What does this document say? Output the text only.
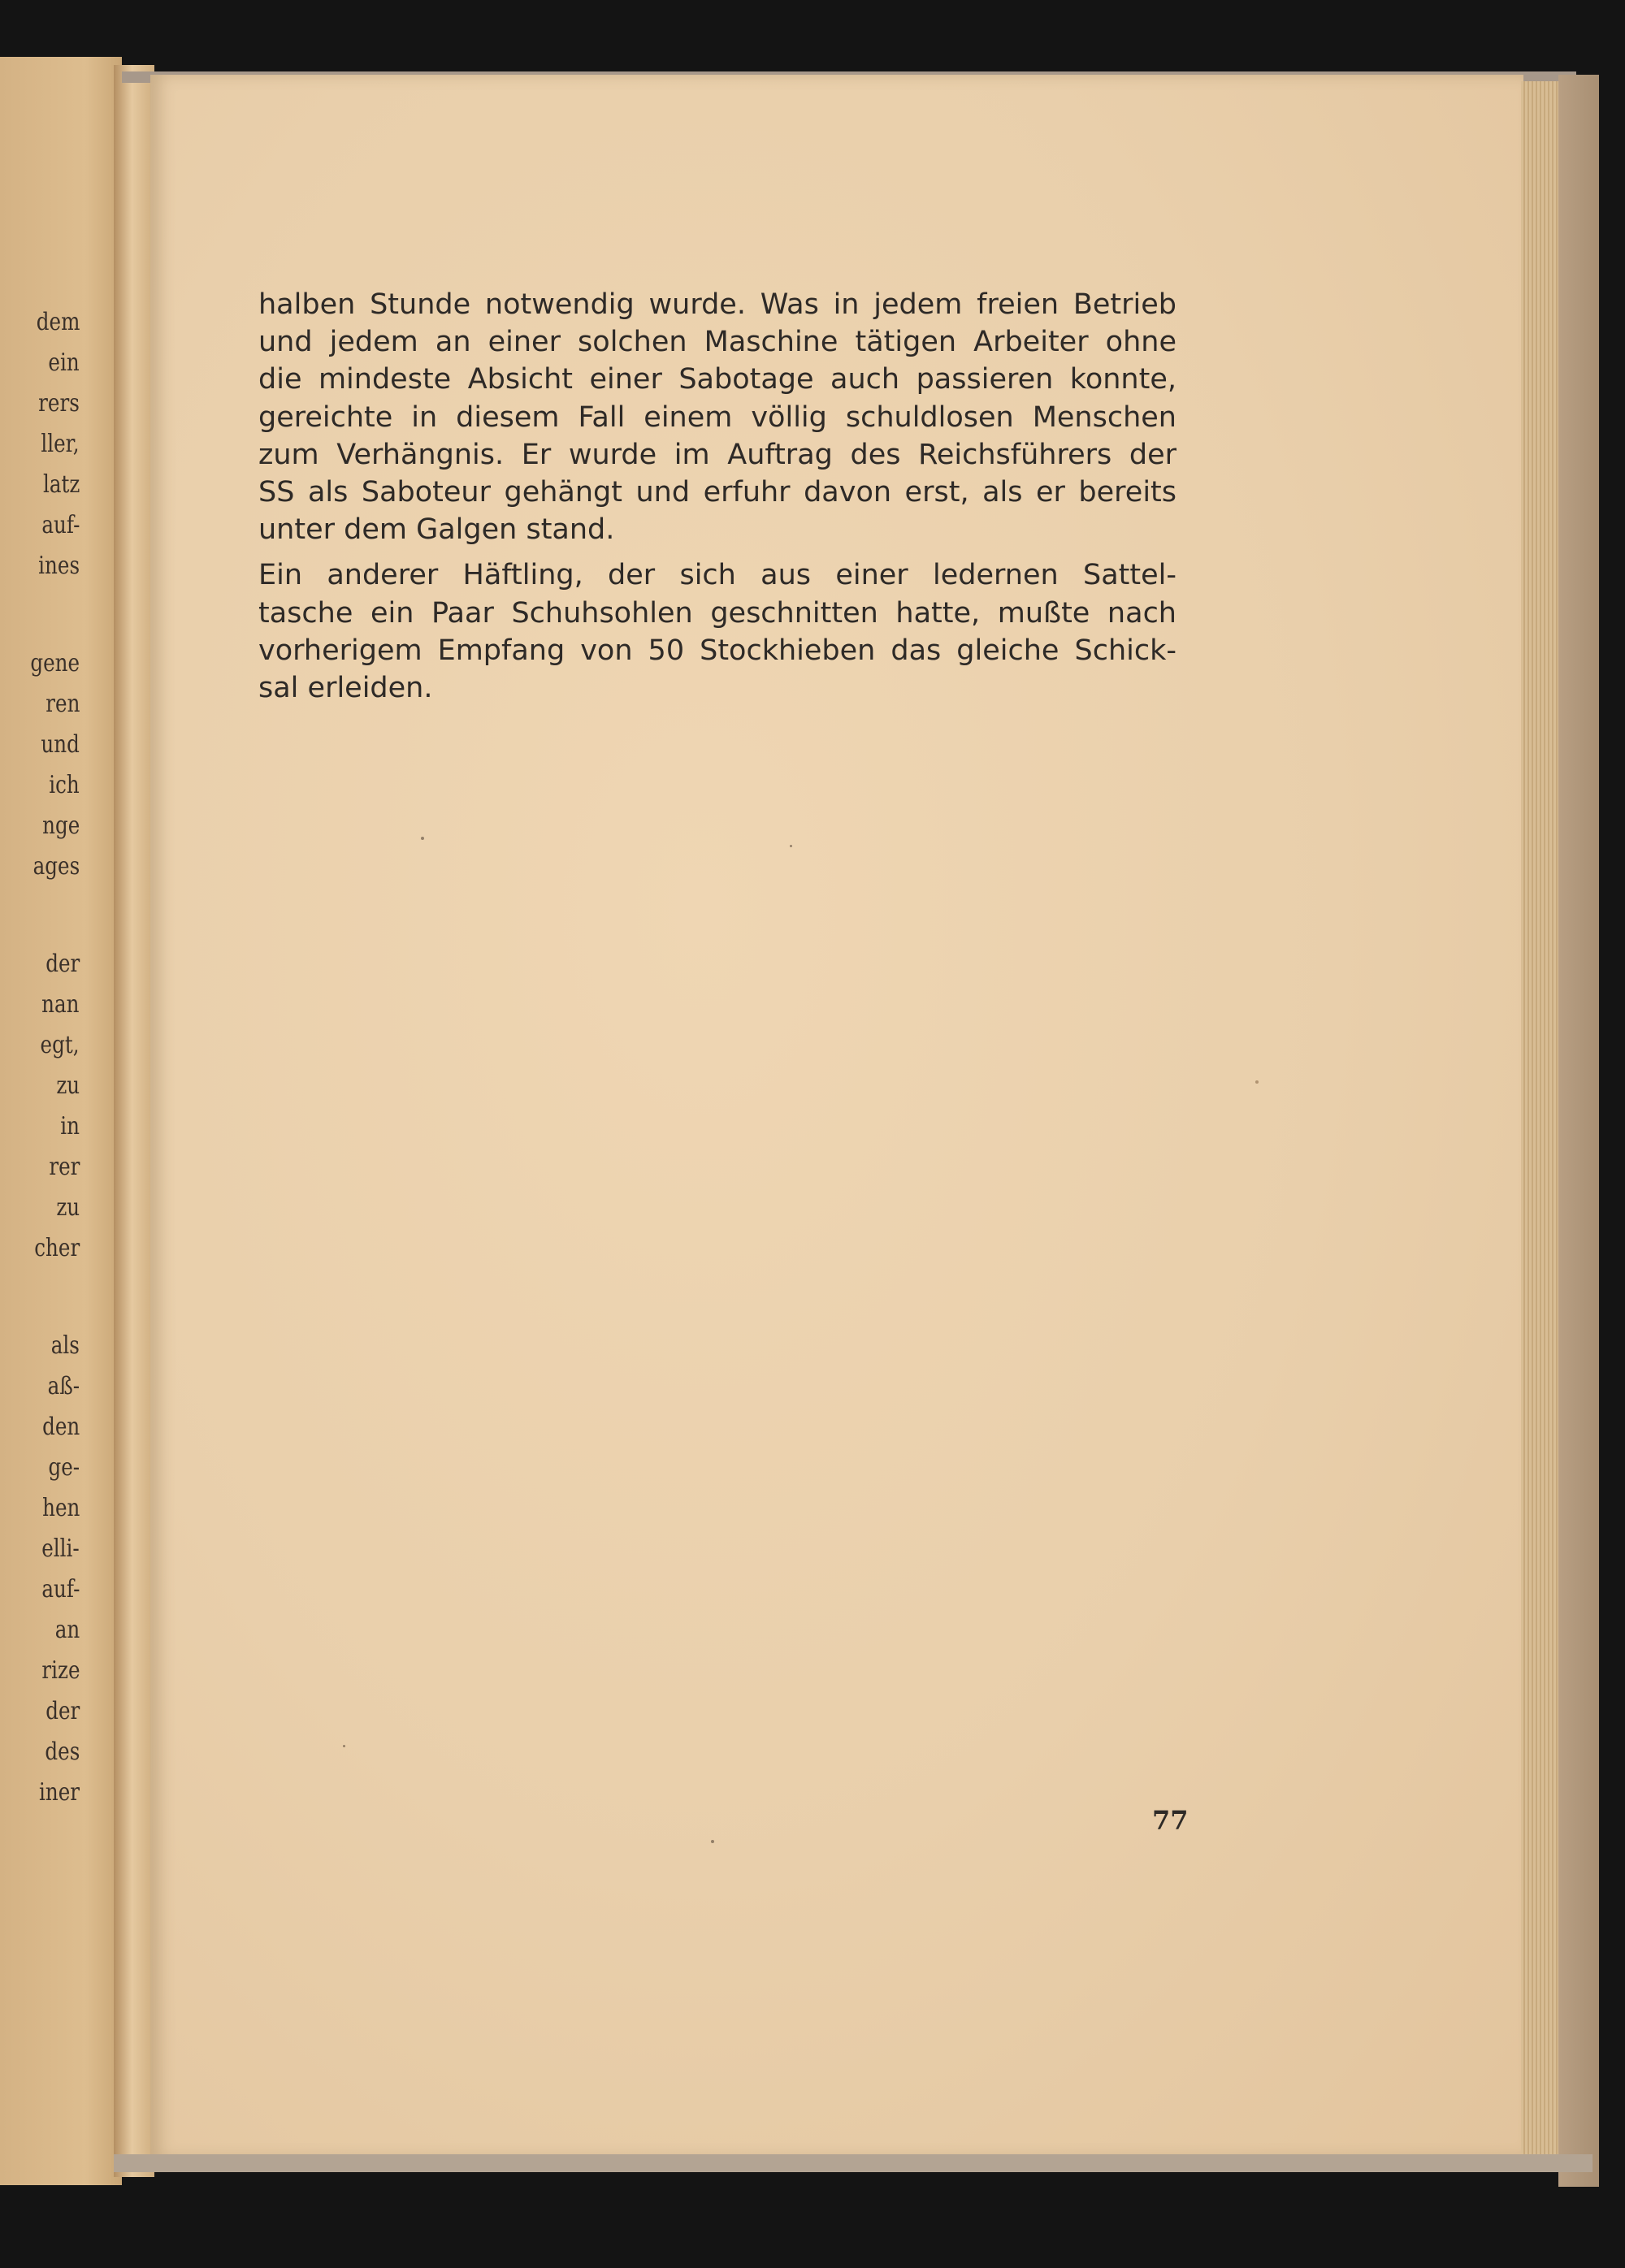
dem
ein
rers
ller,
latz
auf-
ines
gene
ren
und
ich
nge
ages
der
nan
egt,
zu
in
rer
zu
cher
als
aß-
den
ge-
hen
elli-
auf-
an
rize
der
des
iner
halben Stunde notwendig wurde. Was in jedem freien Betrieb
und jedem an einer solchen Maschine tätigen Arbeiter ohne
die mindeste Absicht einer Sabotage auch passieren konnte,
gereichte in diesem Fall einem völlig schuldlosen Menschen
zum Verhängnis. Er wurde im Auftrag des Reichsführers der
SS als Saboteur gehängt und erfuhr davon erst, als er bereits
unter dem Galgen stand.
Ein anderer Häftling, der sich aus einer ledernen Sattel-
tasche ein Paar Schuhsohlen geschnitten hatte, mußte nach
vorherigem Empfang von 50 Stockhieben das gleiche Schick-
sal erleiden.
77
